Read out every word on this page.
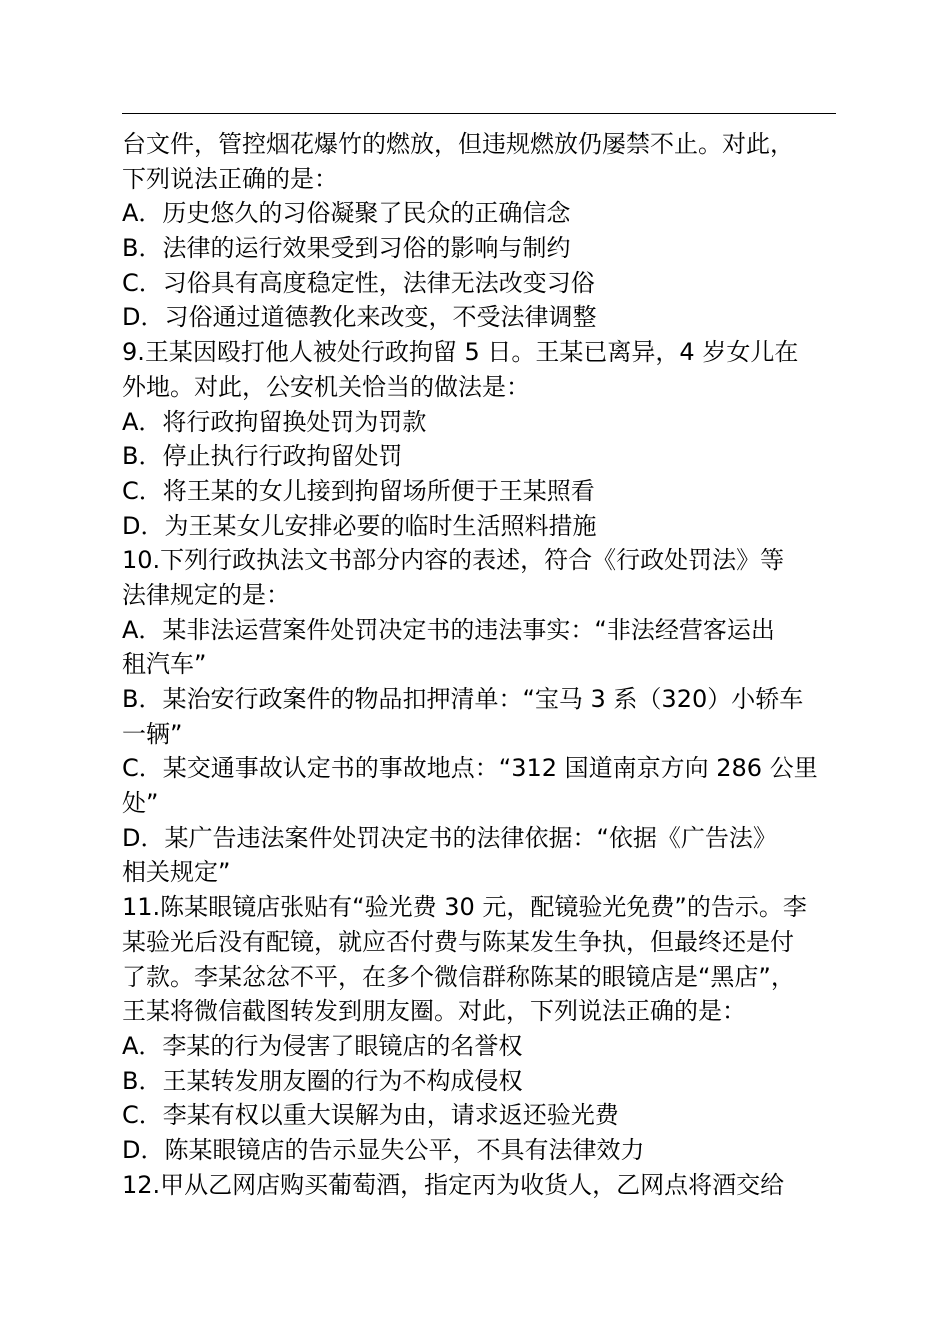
台文件，管控烟花爆竹的燃放，但违规燃放仍屡禁不止。对此，
下列说法正确的是：
A．历史悠久的习俗凝聚了民众的正确信念
B．法律的运行效果受到习俗的影响与制约
C．习俗具有高度稳定性，法律无法改变习俗
D．习俗通过道德教化来改变，不受法律调整
9.王某因殴打他人被处行政拘留 5 日。王某已离异，4 岁女儿在
外地。对此，公安机关恰当的做法是：
A．将行政拘留换处罚为罚款
B．停止执行行政拘留处罚
C．将王某的女儿接到拘留场所便于王某照看
D．为王某女儿安排必要的临时生活照料措施
10.下列行政执法文书部分内容的表述，符合《行政处罚法》等
法律规定的是：
A．某非法运营案件处罚决定书的违法事实：“非法经营客运出
租汽车”
B．某治安行政案件的物品扣押清单：“宝马 3 系（320）小轿车
一辆”
C．某交通事故认定书的事故地点：“312 国道南京方向 286 公里
处”
D．某广告违法案件处罚决定书的法律依据：“依据《广告法》
相关规定”
11.陈某眼镜店张贴有“验光费 30 元，配镜验光免费”的告示。李
某验光后没有配镜，就应否付费与陈某发生争执，但最终还是付
了款。李某忿忿不平，在多个微信群称陈某的眼镜店是“黑店”，
王某将微信截图转发到朋友圈。对此，下列说法正确的是：
A．李某的行为侵害了眼镜店的名誉权
B．王某转发朋友圈的行为不构成侵权
C．李某有权以重大误解为由，请求返还验光费
D．陈某眼镜店的告示显失公平，不具有法律效力
12.甲从乙网店购买葡萄酒，指定丙为收货人，乙网点将酒交给
